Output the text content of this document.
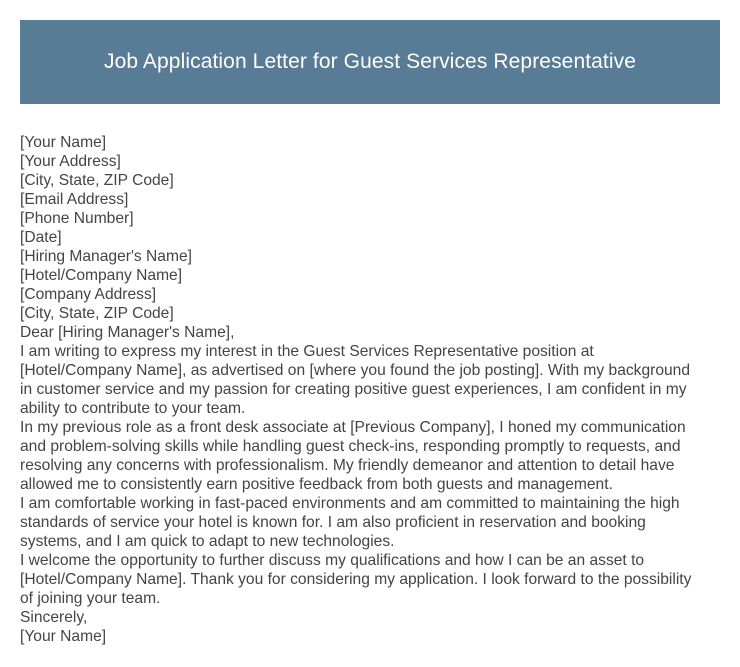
Job Application Letter for Guest Services Representative
[Your Name]
[Your Address]
[City, State, ZIP Code]
[Email Address]
[Phone Number]
[Date]
[Hiring Manager's Name]
[Hotel/Company Name]
[Company Address]
[City, State, ZIP Code]
Dear [Hiring Manager's Name],
I am writing to express my interest in the Guest Services Representative position at
[Hotel/Company Name], as advertised on [where you found the job posting]. With my background
in customer service and my passion for creating positive guest experiences, I am confident in my
ability to contribute to your team.
In my previous role as a front desk associate at [Previous Company], I honed my communication
and problem-solving skills while handling guest check-ins, responding promptly to requests, and
resolving any concerns with professionalism. My friendly demeanor and attention to detail have
allowed me to consistently earn positive feedback from both guests and management.
I am comfortable working in fast-paced environments and am committed to maintaining the high
standards of service your hotel is known for. I am also proficient in reservation and booking
systems, and I am quick to adapt to new technologies.
I welcome the opportunity to further discuss my qualifications and how I can be an asset to
[Hotel/Company Name]. Thank you for considering my application. I look forward to the possibility
of joining your team.
Sincerely,
[Your Name]
